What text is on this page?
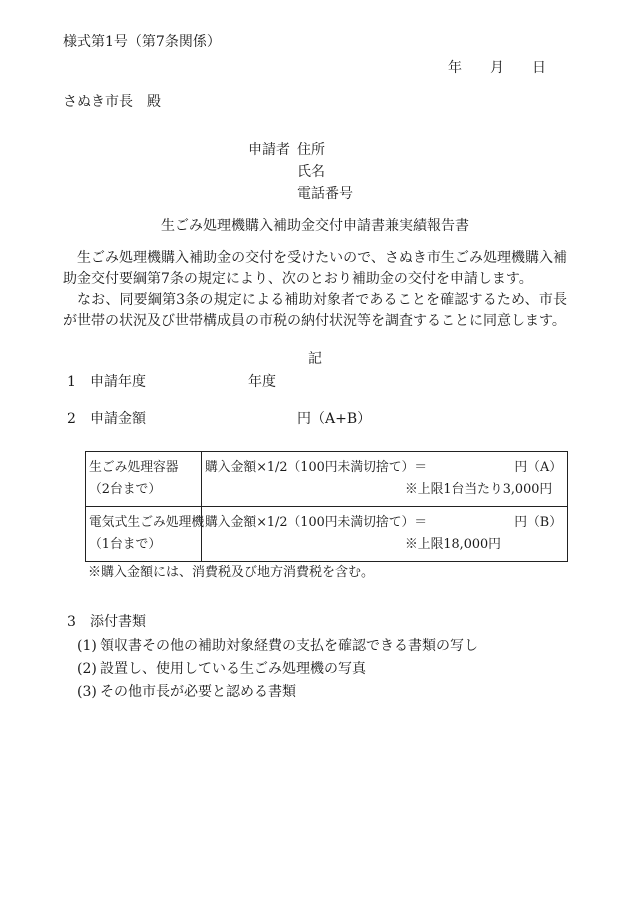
様式第1号（第7条関係）
年　　月　　日
さぬき市長　殿
申請者 住所
氏名
電話番号
生ごみ処理機購入補助金交付申請書兼実績報告書

生ごみ処理機購入補助金の交付を受けたいので、さぬき市生ごみ処理機購入補助金交付要綱第7条の規定により、次のとおり補助金の交付を申請します。

なお、同要綱第3条の規定による補助対象者であることを確認するため、市長が世帯の状況及び世帯構成員の市税の納付状況等を調査することに同意します。

記
1 申請年度	年度
2 申請金額	円（A+B）
生ごみ処理容器
（2台まで）

購入金額×1/2（100円未満切捨て）＝	円（A）
※上限1台当たり3,000円

電気式生ごみ処理機
（1台まで）

購入金額×1/2（100円未満切捨て）＝	円（B）
※上限18,000円
※購入金額には、消費税及び地方消費税を含む。
3 添付書類
(1) 領収書その他の補助対象経費の支払を確認できる書類の写し
(2) 設置し、使用している生ごみ処理機の写真
(3) その他市長が必要と認める書類
